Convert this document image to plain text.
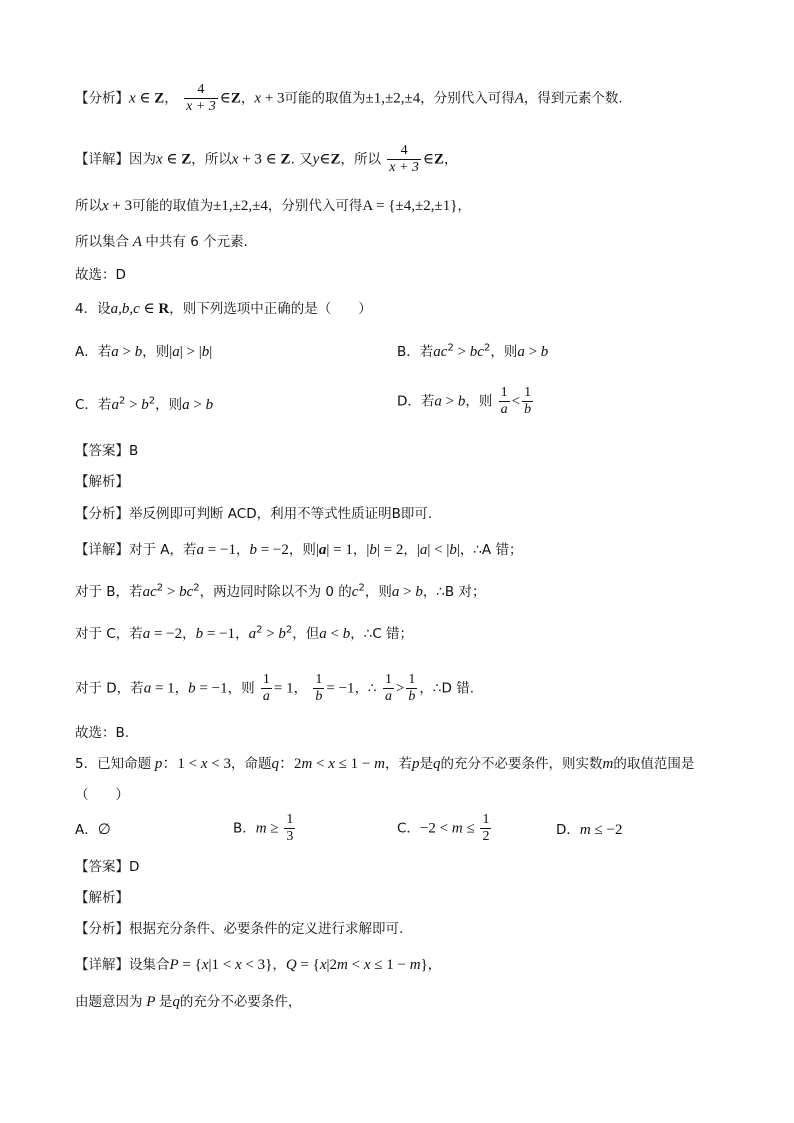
【分析】x ∈ Z， $\frac{4}{x + 3}$ ∈Z，x + 3可能的取值为±1,±2,±4，分别代入可得A，得到元素个数.
【详解】因为x ∈ Z，所以x + 3 ∈ Z. 又y∈Z，所以 $\frac{4}{x + 3}$ ∈Z，
所以x + 3可能的取值为±1,±2,±4，分别代入可得A = {±4,±2,±1}，
所以集合 A 中共有 6 个元素．
故选：D
4．设a,b,c ∈ R，则下列选项中正确的是（　　）
A．若a > b，则|a| > |b|	B．若$ac^2 > bc^2$，则a > b
C．若$a^2 > b^2$，则a > b	D．若a > b，则 $\frac{1}{a} < \frac{1}{b}$
【答案】B
【解析】
【分析】举反例即可判断 ACD，利用不等式性质证明B即可.
【详解】对于 A，若a = −1，b = −2，则|a| = 1，|b| = 2，|a| < |b|，∴A 错；
对于 B，若$ac^2 > bc^2$，两边同时除以不为 0 的$c^2$，则a > b，∴B 对；
对于 C，若a = −2，b = −1，$a^2 > b^2$，但a < b，∴C 错；
对于 D，若a = 1，b = −1，则 $\frac{1}{a} = 1$， $\frac{1}{b} = -1$，∴ $\frac{1}{a} > \frac{1}{b}$ ，∴D 错.
故选：B.
5．已知命题 p：1 < x < 3，命题q：2m < x ≤ 1 − m，若p是q的充分不必要条件，则实数m的取值范围是
（　　）
A．∅	B．$m \ge \frac{1}{3}$	C．$-2 < m \le \frac{1}{2}$	D．m ≤ −2
【答案】D
【解析】
【分析】根据充分条件、必要条件的定义进行求解即可.
【详解】设集合P = {x|1 < x < 3}，Q = {x|2m < x ≤ 1 − m}，
由题意因为 P 是q的充分不必要条件，
